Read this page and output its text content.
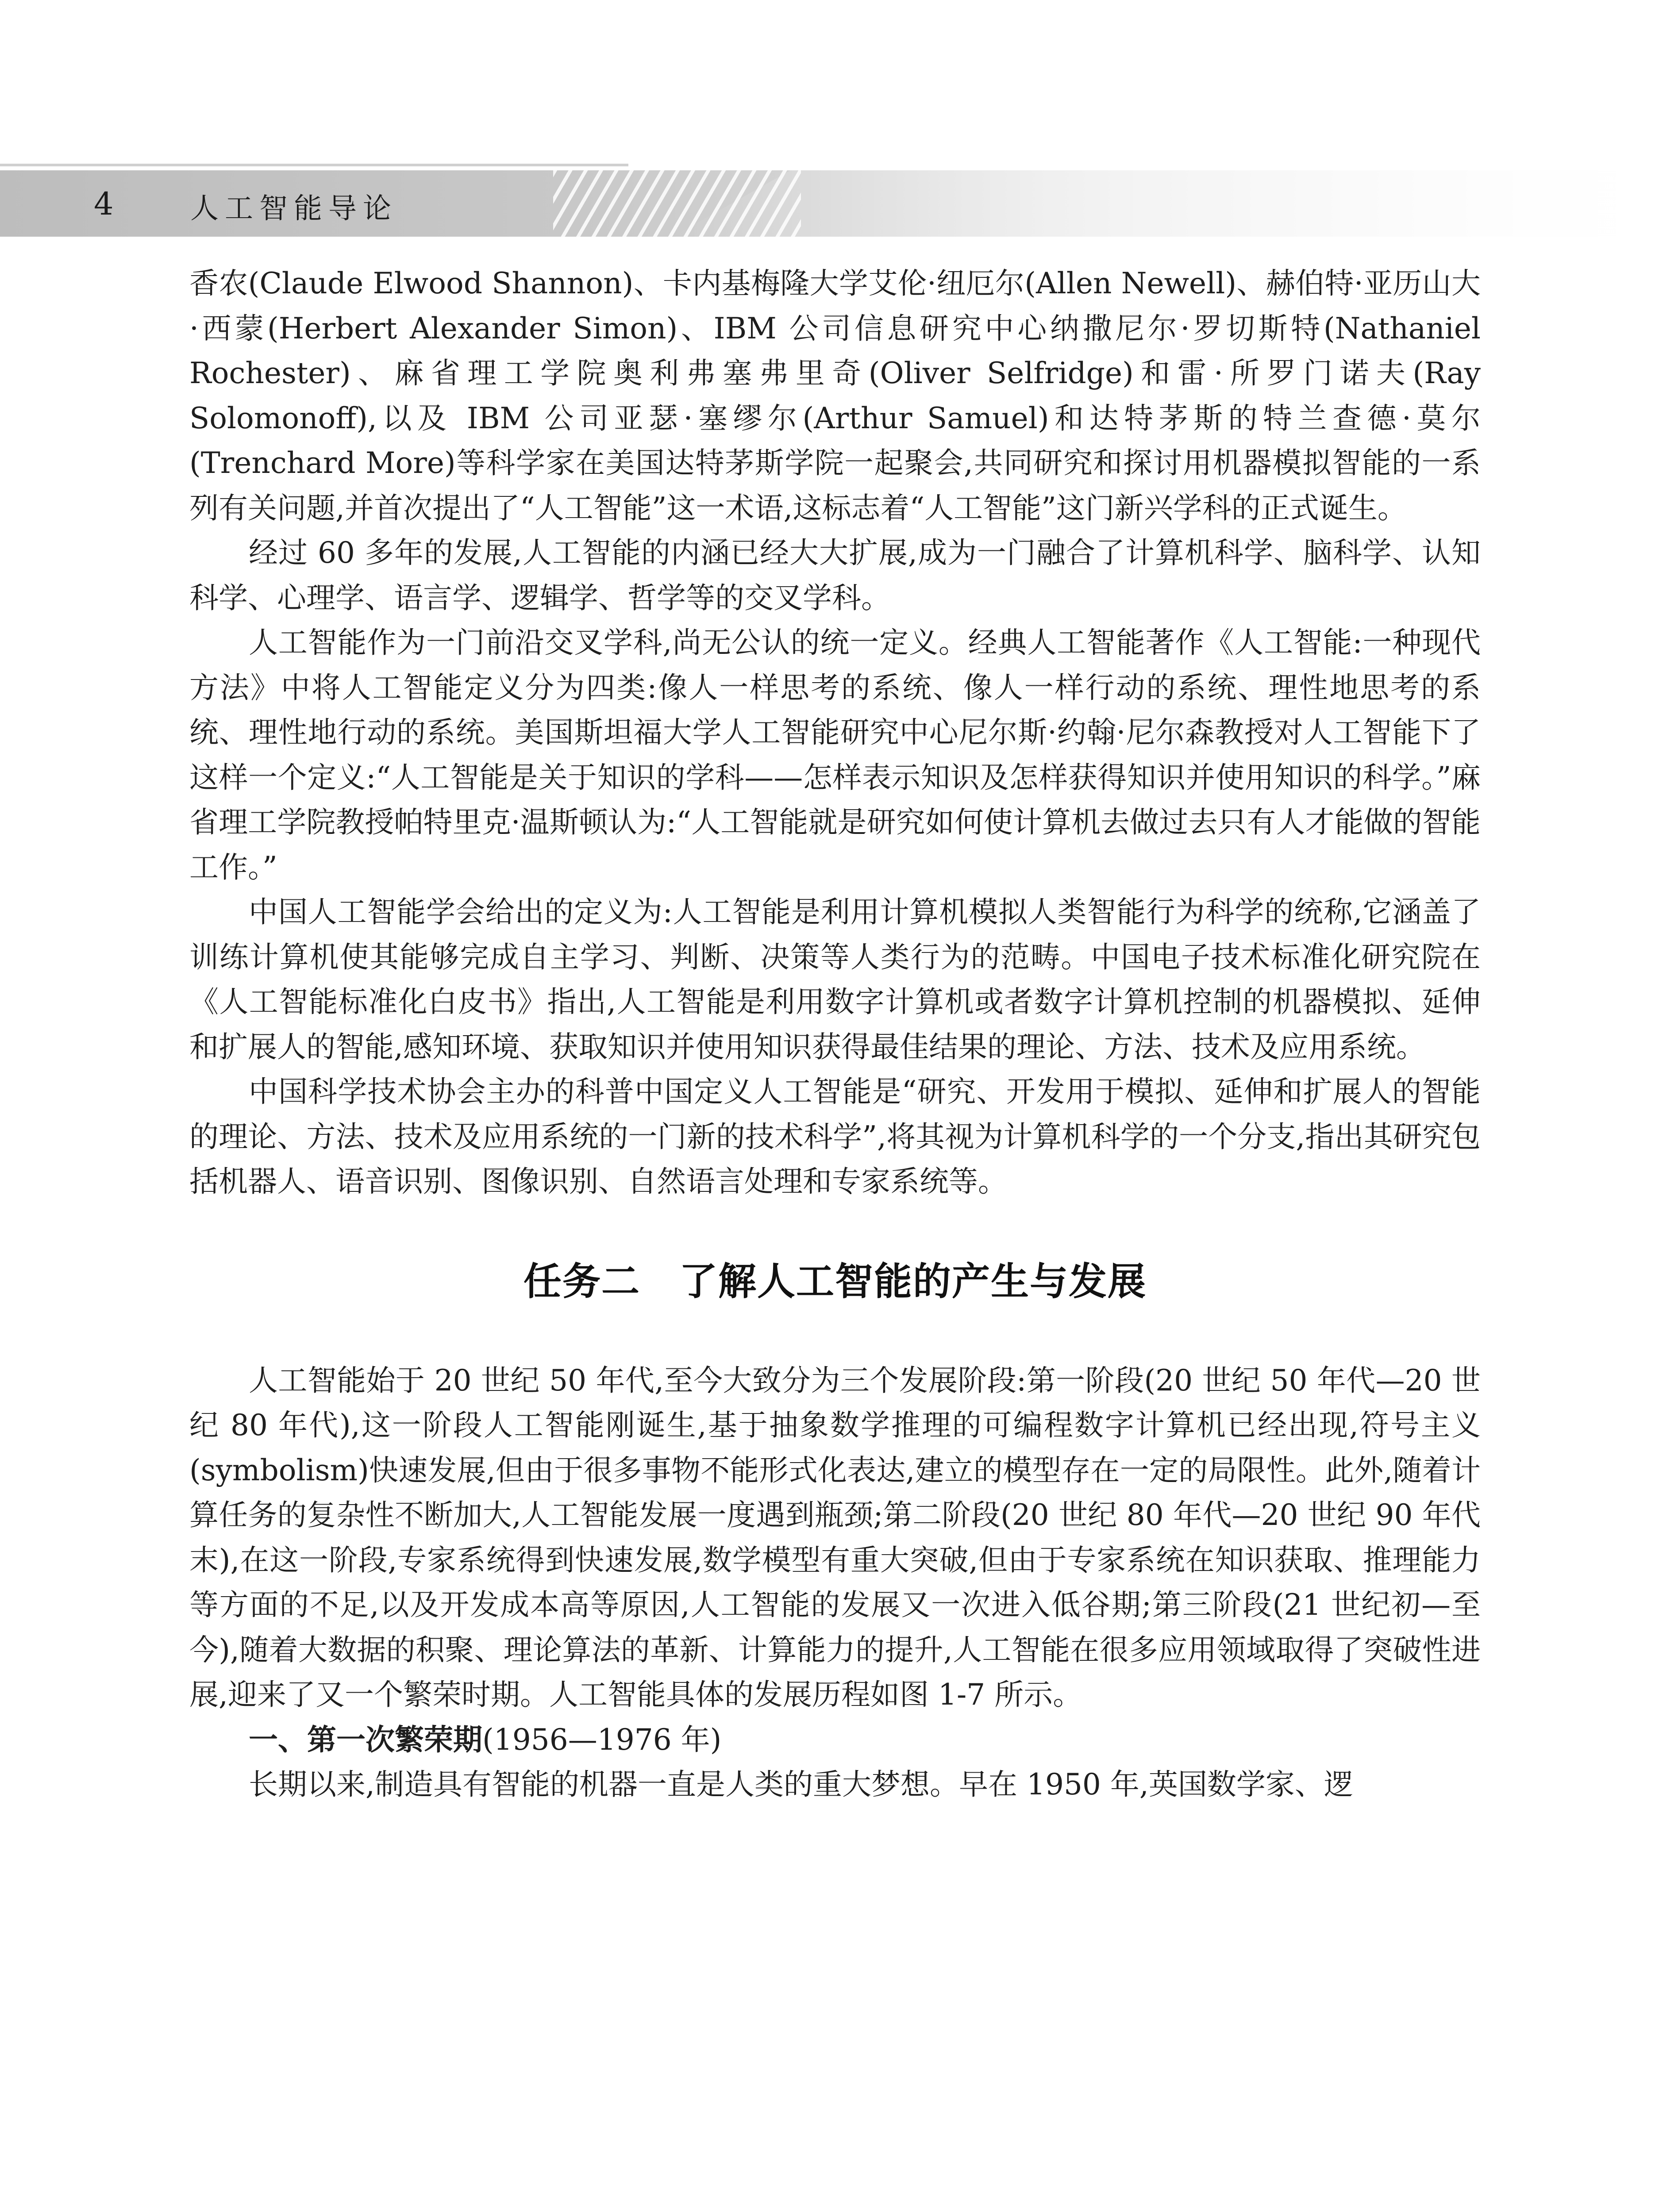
4	人工智能导论

香农(Claude Elwood Shannon)、卡内基梅隆大学艾伦·纽厄尔(Allen Newell)、赫伯特·亚历山大·西蒙(Herbert Alexander Simon)、IBM 公司信息研究中心纳撒尼尔·罗切斯特(Nathaniel Rochester)、麻省理工学院奥利弗塞弗里奇(Oliver Selfridge)和雷·所罗门诺夫(Ray Solomonoff),以及 IBM 公司亚瑟·塞缪尔(Arthur Samuel)和达特茅斯的特兰查德·莫尔(Trenchard More)等科学家在美国达特茅斯学院一起聚会,共同研究和探讨用机器模拟智能的一系列有关问题,并首次提出了“人工智能”这一术语,这标志着“人工智能”这门新兴学科的正式诞生。

经过 60 多年的发展,人工智能的内涵已经大大扩展,成为一门融合了计算机科学、脑科学、认知科学、心理学、语言学、逻辑学、哲学等的交叉学科。

人工智能作为一门前沿交叉学科,尚无公认的统一定义。经典人工智能著作《人工智能:一种现代方法》中将人工智能定义分为四类:像人一样思考的系统、像人一样行动的系统、理性地思考的系统、理性地行动的系统。美国斯坦福大学人工智能研究中心尼尔斯·约翰·尼尔森教授对人工智能下了这样一个定义:“人工智能是关于知识的学科——怎样表示知识及怎样获得知识并使用知识的科学。”麻省理工学院教授帕特里克·温斯顿认为:“人工智能就是研究如何使计算机去做过去只有人才能做的智能工作。”

中国人工智能学会给出的定义为:人工智能是利用计算机模拟人类智能行为科学的统称,它涵盖了训练计算机使其能够完成自主学习、判断、决策等人类行为的范畴。中国电子技术标准化研究院在《人工智能标准化白皮书》指出,人工智能是利用数字计算机或者数字计算机控制的机器模拟、延伸和扩展人的智能,感知环境、获取知识并使用知识获得最佳结果的理论、方法、技术及应用系统。

中国科学技术协会主办的科普中国定义人工智能是“研究、开发用于模拟、延伸和扩展人的智能的理论、方法、技术及应用系统的一门新的技术科学”,将其视为计算机科学的一个分支,指出其研究包括机器人、语音识别、图像识别、自然语言处理和专家系统等。

任务二　了解人工智能的产生与发展

人工智能始于 20 世纪 50 年代,至今大致分为三个发展阶段:第一阶段(20 世纪 50 年代—20 世纪 80 年代),这一阶段人工智能刚诞生,基于抽象数学推理的可编程数字计算机已经出现,符号主义(symbolism)快速发展,但由于很多事物不能形式化表达,建立的模型存在一定的局限性。此外,随着计算任务的复杂性不断加大,人工智能发展一度遇到瓶颈;第二阶段(20 世纪 80 年代—20 世纪 90 年代末),在这一阶段,专家系统得到快速发展,数学模型有重大突破,但由于专家系统在知识获取、推理能力等方面的不足,以及开发成本高等原因,人工智能的发展又一次进入低谷期;第三阶段(21 世纪初—至今),随着大数据的积聚、理论算法的革新、计算能力的提升,人工智能在很多应用领域取得了突破性进展,迎来了又一个繁荣时期。人工智能具体的发展历程如图 1-7 所示。

一、第一次繁荣期(1956—1976 年)

长期以来,制造具有智能的机器一直是人类的重大梦想。早在 1950 年,英国数学家、逻
